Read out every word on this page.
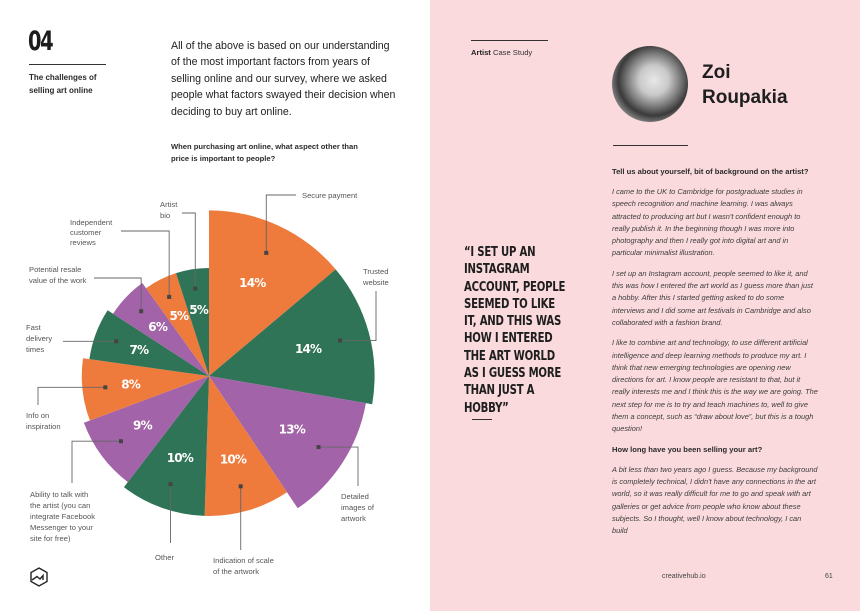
04
The challenges of selling art online
All of the above is based on our understanding of the most important factors from years of selling online and our survey, where we asked people what factors swayed their decision when deciding to buy art online.
When purchasing art online, what aspect other than price is important to people?
14%
Secure payment
14%
Trusted website
13%
Detailed images of artwork
10%
Indication of scale of the artwork
10%
Other
9%
Ability to talk with the artist (you can integrate Facebook Messenger to your site for free)
8%
Info on inspiration
7%
Fast delivery times
6%
Potential resale value of the work
5%
Independent customer reviews
5%
Artist bio
Artist Case Study
Zoi
Roupakia
“I SET UP AN INSTAGRAM ACCOUNT, PEOPLE SEEMED TO LIKE IT, AND THIS WAS HOW I ENTERED THE ART WORLD AS I GUESS MORE THAN JUST A HOBBY”

Tell us about yourself, bit of background on the artist?

I came to the UK to Cambridge for postgraduate studies in speech recognition and machine learning. I was always attracted to producing art but I wasn't confident enough to really publish it. In the beginning though I was more into photography and then I really got into digital art and in particular minimalist illustration.

I set up an Instagram account, people seemed to like it, and this was how I entered the art world as I guess more than just a hobby. After this I started getting asked to do some interviews and I did some art festivals in Cambridge and also collaborated with a fashion brand.

I like to combine art and technology, to use different artificial intelligence and deep learning methods to produce my art. I think that new emerging technologies are opening new directions for art. I know people are resistant to that, but it really interests me and I think this is the way we are going. The next step for me is to try and teach machines to, well to give them a concept, such as “draw about love”, but this is a tough question!

How long have you been selling your art?

A bit less than two years ago I guess. Because my background is completely technical, I didn't have any connections in the art world, so it was really difficult for me to go and speak with art galleries or get advice from people who know about these subjects. So I thought, well I know about technology, I can build

creativehub.io	61
